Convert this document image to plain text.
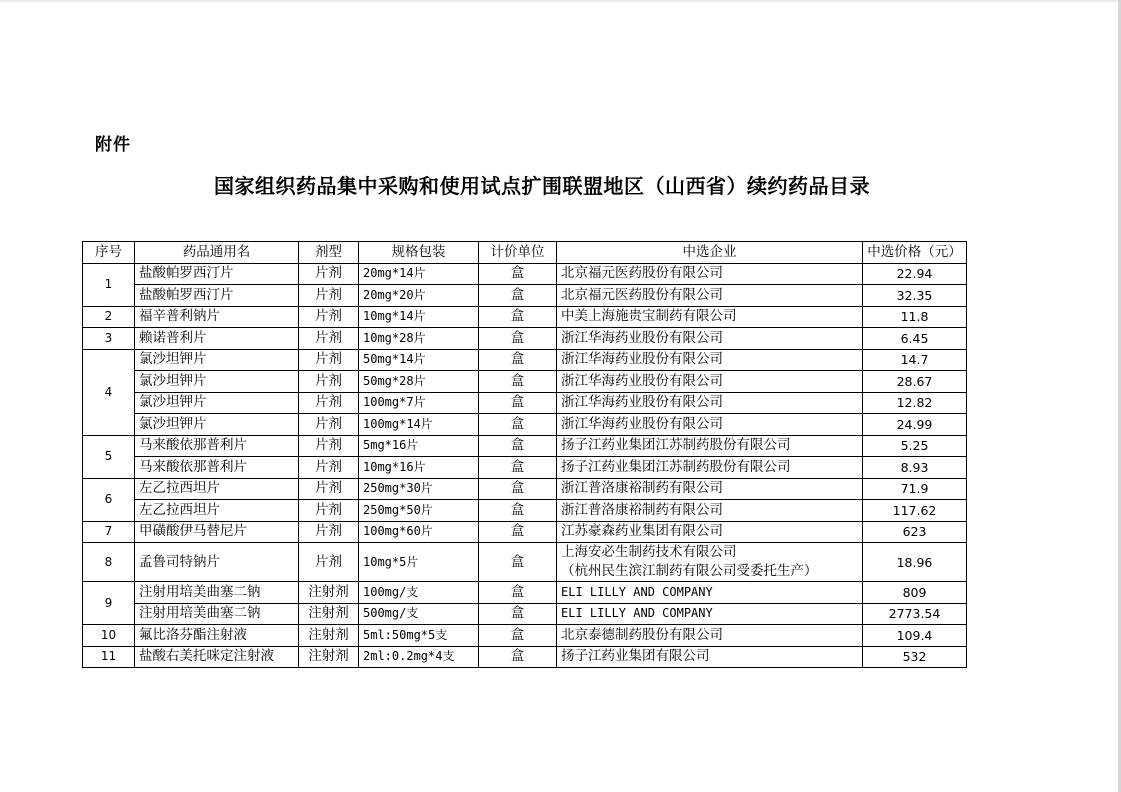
附件
国家组织药品集中采购和使用试点扩围联盟地区（山西省）续约药品目录
序号	药品通用名	剂型	规格包装	计价单位	中选企业	中选价格（元）
1	盐酸帕罗西汀片	片剂	20mg*14片	盒	北京福元医药股份有限公司	22.94
	盐酸帕罗西汀片	片剂	20mg*20片	盒	北京福元医药股份有限公司	32.35
2	福辛普利钠片	片剂	10mg*14片	盒	中美上海施贵宝制药有限公司	11.8
3	赖诺普利片	片剂	10mg*28片	盒	浙江华海药业股份有限公司	6.45
4	氯沙坦钾片	片剂	50mg*14片	盒	浙江华海药业股份有限公司	14.7
	氯沙坦钾片	片剂	50mg*28片	盒	浙江华海药业股份有限公司	28.67
	氯沙坦钾片	片剂	100mg*7片	盒	浙江华海药业股份有限公司	12.82
	氯沙坦钾片	片剂	100mg*14片	盒	浙江华海药业股份有限公司	24.99
5	马来酸依那普利片	片剂	5mg*16片	盒	扬子江药业集团江苏制药股份有限公司	5.25
	马来酸依那普利片	片剂	10mg*16片	盒	扬子江药业集团江苏制药股份有限公司	8.93
6	左乙拉西坦片	片剂	250mg*30片	盒	浙江普洛康裕制药有限公司	71.9
	左乙拉西坦片	片剂	250mg*50片	盒	浙江普洛康裕制药有限公司	117.62
7	甲磺酸伊马替尼片	片剂	100mg*60片	盒	江苏豪森药业集团有限公司	623
8	孟鲁司特钠片	片剂	10mg*5片	盒	上海安必生制药技术有限公司
（杭州民生滨江制药有限公司受委托生产）	18.96
9	注射用培美曲塞二钠	注射剂	100mg/支	盒	ELI LILLY AND COMPANY	809
	注射用培美曲塞二钠	注射剂	500mg/支	盒	ELI LILLY AND COMPANY	2773.54
10	氟比洛芬酯注射液	注射剂	5ml:50mg*5支	盒	北京泰德制药股份有限公司	109.4
11	盐酸右美托咪定注射液	注射剂	2ml:0.2mg*4支	盒	扬子江药业集团有限公司	532
